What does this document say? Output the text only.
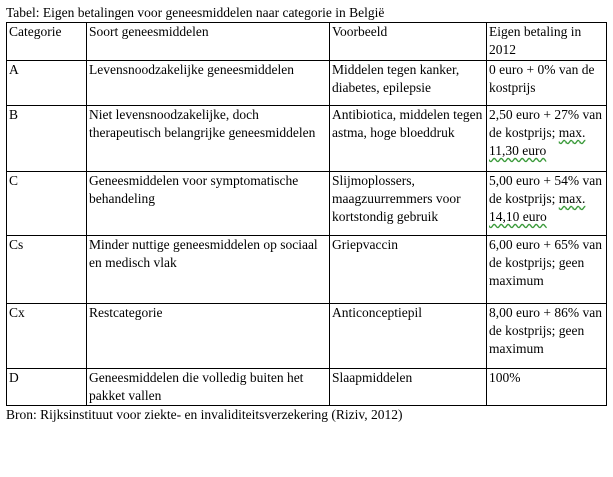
Tabel: Eigen betalingen voor geneesmiddelen naar categorie in België
Categorie	Soort geneesmiddelen	Voorbeeld	Eigen betaling in 2012
A	Levensnoodzakelijke geneesmiddelen	Middelen tegen kanker, diabetes, epilepsie	0 euro + 0% van de kostprijs
B	Niet levensnoodzakelijke, doch therapeutisch belangrijke geneesmiddelen	Antibiotica, middelen tegen astma, hoge bloeddruk	2,50 euro + 27% van de kostprijs; max. 11,30 euro
C	Geneesmiddelen voor symptomatische behandeling	Slijmoplossers, maagzuurremmers voor kortstondig gebruik	5,00 euro + 54% van de kostprijs; max. 14,10 euro
Cs	Minder nuttige geneesmiddelen op sociaal en medisch vlak	Griepvaccin	6,00 euro + 65% van de kostprijs; geen maximum
Cx	Restcategorie	Anticonceptiepil	8,00 euro + 86% van de kostprijs; geen maximum
D	Geneesmiddelen die volledig buiten het pakket vallen	Slaapmiddelen	100%
Bron: Rijksinstituut voor ziekte- en invaliditeitsverzekering (Riziv, 2012)
